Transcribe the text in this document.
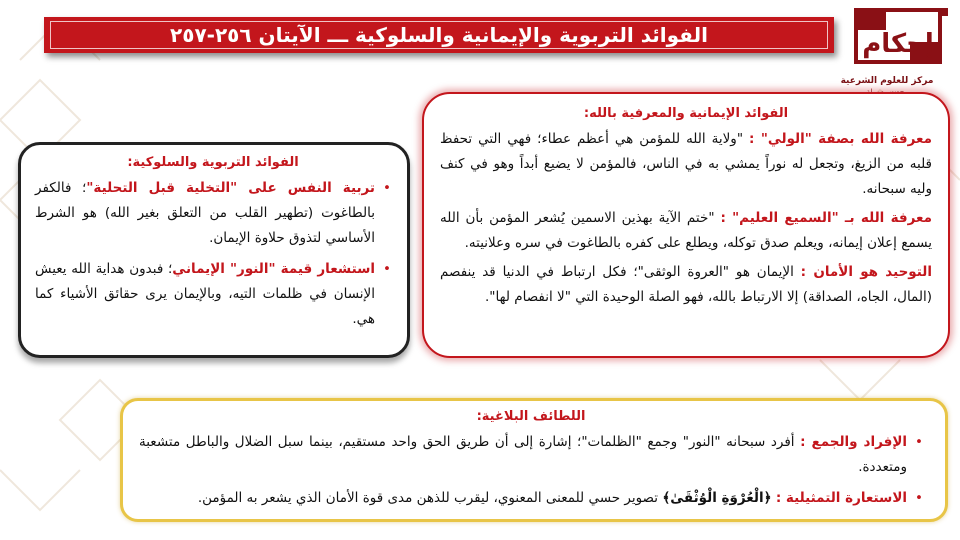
الفوائد التربوية والإيمانية والسلوكية ـــ الآيتان ٢٥٦-٢٥٧	إحكام
مركز للعلوم الشرعية
الفوائد الإيمانية والمعرفية بالله:

معرفة الله بصفة "الولي" : "ولاية الله للمؤمن هي أعظم عطاء؛ فهي التي تحفظ قلبه من الزيغ، وتجعل له نوراً يمشي به في الناس، فالمؤمن لا يضيع أبداً وهو في كنف وليه سبحانه.

معرفة الله بـ "السميع العليم" : "ختم الآية بهذين الاسمين يُشعر المؤمن بأن الله يسمع إعلان إيمانه، ويعلم صدق توكله، ويطلع على كفره بالطاغوت في سره وعلانيته.

التوحيد هو الأمان : الإيمان هو "العروة الوثقى"؛ فكل ارتباط في الدنيا قد ينفصم (المال، الجاه، الصداقة) إلا الارتباط بالله، فهو الصلة الوحيدة التي "لا انفصام لها".

الفوائد التربوية والسلوكية:
•
تربية النفس على "التخلية قبل التحلية"؛ فالكفر بالطاغوت (تطهير القلب من التعلق بغير الله) هو الشرط الأساسي لتذوق حلاوة الإيمان.
•
استشعار قيمة "النور" الإيماني؛ فبدون هداية الله يعيش الإنسان في ظلمات التيه، وبالإيمان يرى حقائق الأشياء كما هي.
اللطائف البلاغية:
•
الإفراد والجمع : أفرد سبحانه "النور" وجمع "الظلمات"؛ إشارة إلى أن طريق الحق واحد مستقيم، بينما سبل الضلال والباطل متشعبة ومتعددة.
•
الاستعارة التمثيلية : ﴿الْعُرْوَةِ الْوُثْقَىٰ﴾ تصوير حسي للمعنى المعنوي، ليقرب للذهن مدى قوة الأمان الذي يشعر به المؤمن.
